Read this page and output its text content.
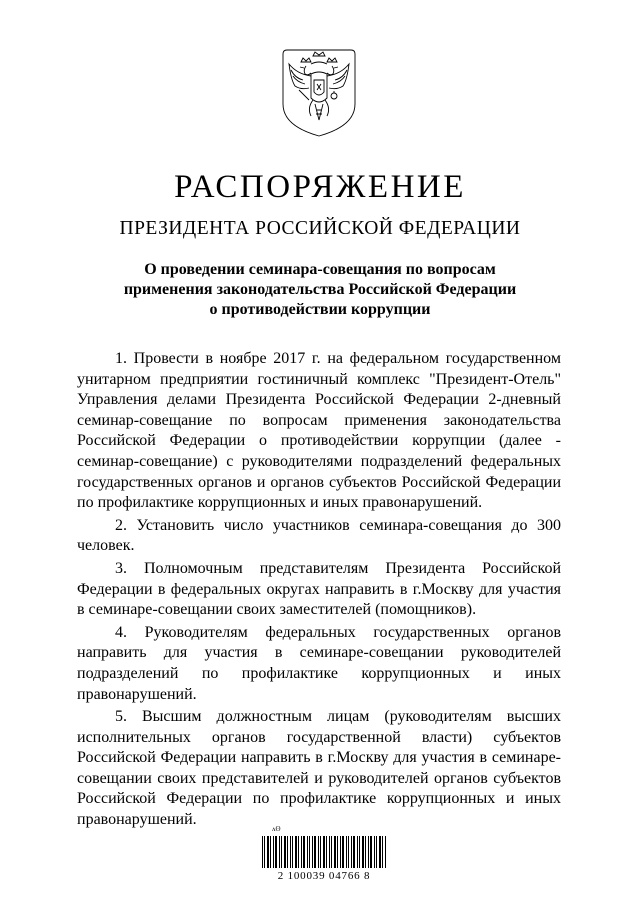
РАСПОРЯЖЕНИЕ
ПРЕЗИДЕНТА РОССИЙСКОЙ ФЕДЕРАЦИИ
О проведении семинара-совещания по вопросам
применения законодательства Российской Федерации
о противодействии коррупции

1. Провести в ноябре 2017 г. на федеральном государственном унитарном предприятии гостиничный комплекс "Президент-Отель" Управления делами Президента Российской Федерации 2-дневный семинар-совещание по вопросам применения законодательства Российской Федерации о противодействии коррупции (далее - семинар-совещание) с руководителями подразделений федеральных государственных органов и органов субъектов Российской Федерации по профилактике коррупционных и иных правонарушений.

2. Установить число участников семинара-совещания до 300 человек.

3. Полномочным представителям Президента Российской Федерации в федеральных округах направить в г.Москву для участия в семинаре-совещании своих заместителей (помощников).

4. Руководителям федеральных государственных органов направить для участия в семинаре-совещании руководителей подразделений по профилактике коррупционных и иных правонарушений.

5. Высшим должностным лицам (руководителям высших исполнительных органов государственной власти) субъектов Российской Федерации направить в г.Москву для участия в семинаре-совещании своих представителей и руководителей органов субъектов Российской Федерации по профилактике коррупционных и иных правонарушений.

ᴧʘ
2 100039 04766 8
